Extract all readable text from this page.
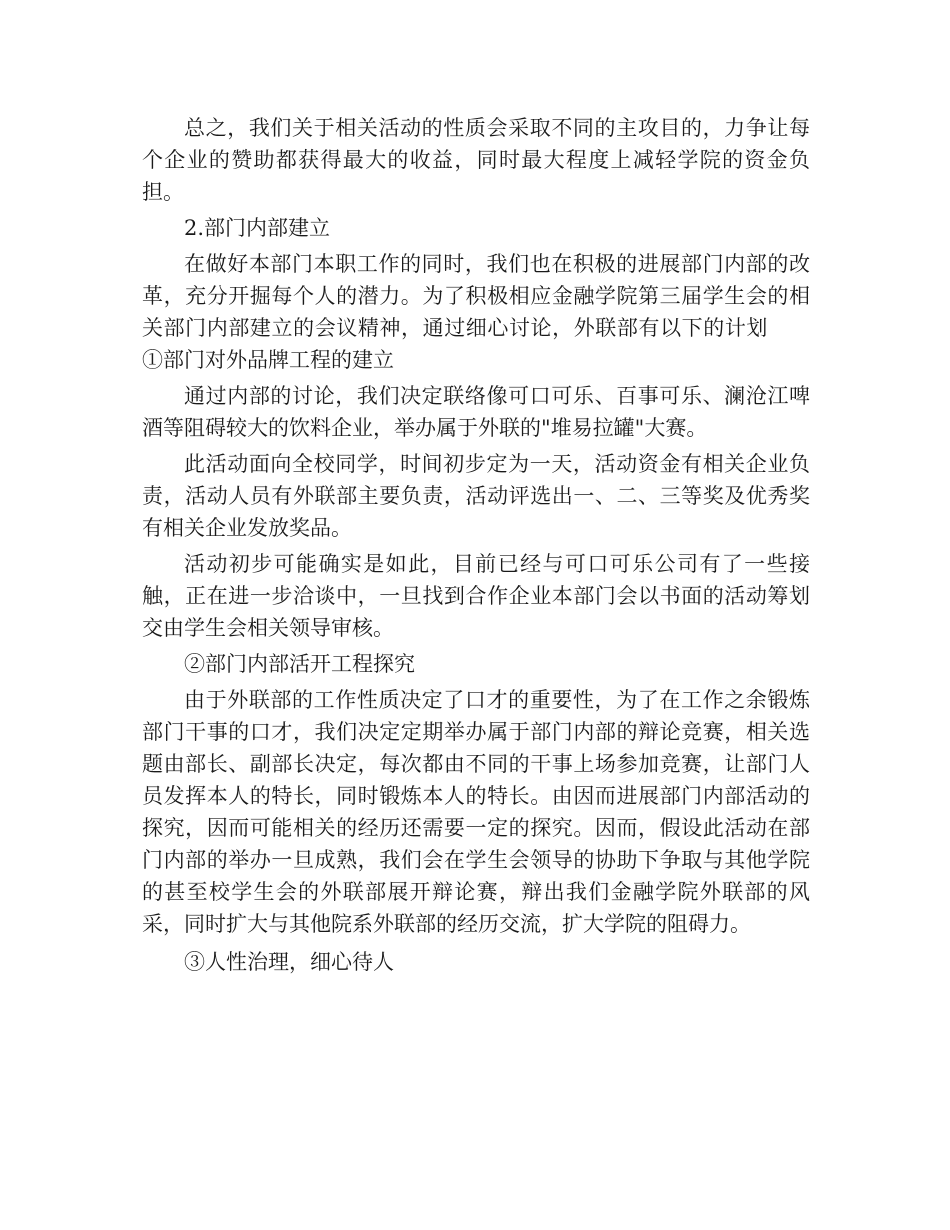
总之，我们关于相关活动的性质会采取不同的主攻目的，力争让每个企业的赞助都获得最大的收益，同时最大程度上减轻学院的资金负担。

2.部门内部建立

在做好本部门本职工作的同时，我们也在积极的进展部门内部的改革，充分开掘每个人的潜力。为了积极相应金融学院第三届学生会的相关部门内部建立的会议精神，通过细心讨论，外联部有以下的计划①部门对外品牌工程的建立

通过内部的讨论，我们决定联络像可口可乐、百事可乐、澜沧江啤酒等阻碍较大的饮料企业，举办属于外联的"堆易拉罐"大赛。

此活动面向全校同学，时间初步定为一天，活动资金有相关企业负责，活动人员有外联部主要负责，活动评选出一、二、三等奖及优秀奖有相关企业发放奖品。

活动初步可能确实是如此，目前已经与可口可乐公司有了一些接触，正在进一步洽谈中，一旦找到合作企业本部门会以书面的活动筹划交由学生会相关领导审核。

②部门内部活开工程探究

由于外联部的工作性质决定了口才的重要性，为了在工作之余锻炼部门干事的口才，我们决定定期举办属于部门内部的辩论竞赛，相关选题由部长、副部长决定，每次都由不同的干事上场参加竞赛，让部门人员发挥本人的特长，同时锻炼本人的特长。由因而进展部门内部活动的探究，因而可能相关的经历还需要一定的探究。因而，假设此活动在部门内部的举办一旦成熟，我们会在学生会领导的协助下争取与其他学院的甚至校学生会的外联部展开辩论赛，辩出我们金融学院外联部的风采，同时扩大与其他院系外联部的经历交流，扩大学院的阻碍力。

③人性治理，细心待人
